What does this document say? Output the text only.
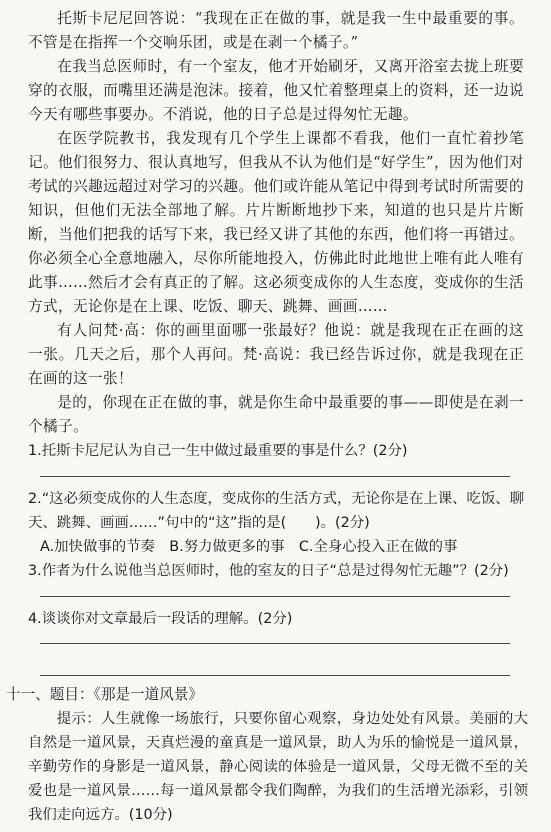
托斯卡尼尼回答说：“我现在正在做的事，就是我一生中最重要的事。不管是在指挥一个交响乐团，或是在剥一个橘子。”

在我当总医师时，有一个室友，他才开始刷牙，又离开浴室去拢上班要穿的衣服，而嘴里还满是泡沫。接着，他又忙着整理桌上的资料，还一边说今天有哪些事要办。不消说，他的日子总是过得匆忙无趣。

在医学院教书，我发现有几个学生上课都不看我，他们一直忙着抄笔记。他们很努力、很认真地写，但我从不认为他们是“好学生”，因为他们对考试的兴趣远超过对学习的兴趣。他们或许能从笔记中得到考试时所需要的知识，但他们无法全部地了解。片片断断地抄下来，知道的也只是片片断断，当他们把我的话写下来，我已经又讲了其他的东西，他们将一再错过。你必须全心全意地融入，尽你所能地投入，仿佛此时此地世上唯有此人唯有此事……然后才会有真正的了解。这必须变成你的人生态度，变成你的生活方式，无论你是在上课、吃饭、聊天、跳舞、画画……

有人问梵·高：你的画里面哪一张最好？他说：就是我现在正在画的这一张。几天之后，那个人再问。梵·高说：我已经告诉过你，就是我现在正在画的这一张！

是的，你现在正在做的事，就是你生命中最重要的事——即使是在剥一个橘子。

1.托斯卡尼尼认为自己一生中做过最重要的事是什么？(2分)

2.“这必须变成你的人生态度，变成你的生活方式，无论你是在上课、吃饭、聊天、跳舞、画画……”句中的“这”指的是(　　)。(2分)

A.加快做事的节奏　B.努力做更多的事　C.全身心投入正在做的事

3.作者为什么说他当总医师时，他的室友的日子“总是过得匆忙无趣”？(2分)

4.谈谈你对文章最后一段话的理解。(2分)

十一、题目：《那是一道风景》

提示：人生就像一场旅行，只要你留心观察，身边处处有风景。美丽的大自然是一道风景，天真烂漫的童真是一道风景，助人为乐的愉悦是一道风景，辛勤劳作的身影是一道风景，静心阅读的体验是一道风景，父母无微不至的关爱也是一道风景……每一道风景都令我们陶醉，为我们的生活增光添彩，引领我们走向远方。(10分)
